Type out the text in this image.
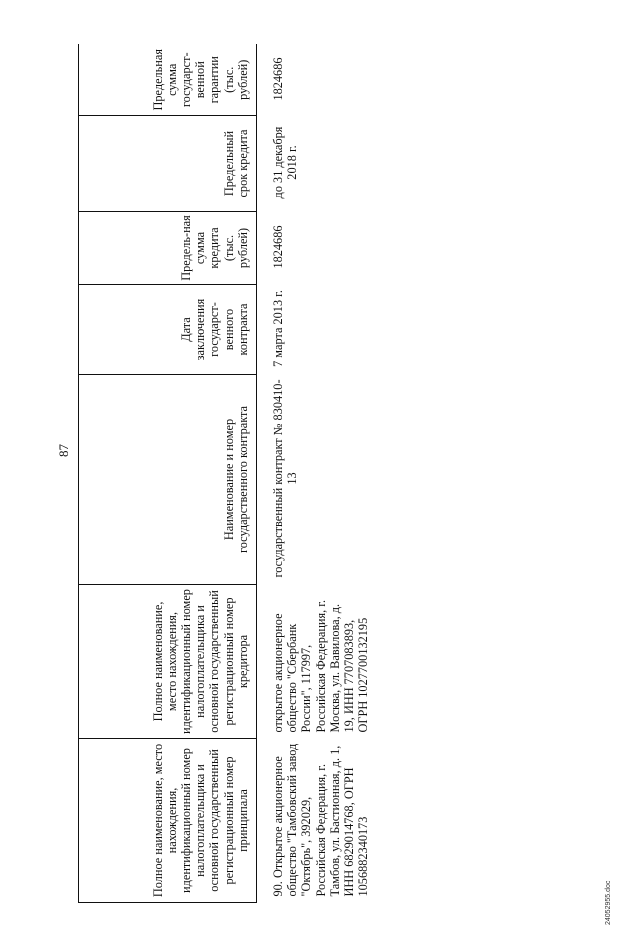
87
Полное наименование, место нахождения, идентификационный номер налогоплательщика и основной государственный регистрационный номер принципала	Полное наименование, место нахождения, идентификационный номер налогоплательщика и основной государственный регистрационный номер кредитора	Наименование и номер государственного контракта	Дата заключения государст-венного контракта	Предель-ная сумма кредита (тыс. рублей)	Предельный срок кредита	Предельная сумма государст-венной гарантии (тыс. рублей)
90. Открытое акционерное общество "Тамбовский завод "Октябрь", 392029, Российская Федерация, г. Тамбов, ул. Бастионная, д. 1, ИНН 6829014768, ОГРН 1056882340173	открытое акционерное общество "Сбербанк России", 117997, Российская Федерация, г. Москва, ул. Вавилова, д. 19, ИНН 7707083893, ОГРН 1027700132195	государственный контракт № 830410-13	7 марта 2013 г.	1824686	до 31 декабря 2018 г.	1824686
24052955.doc
